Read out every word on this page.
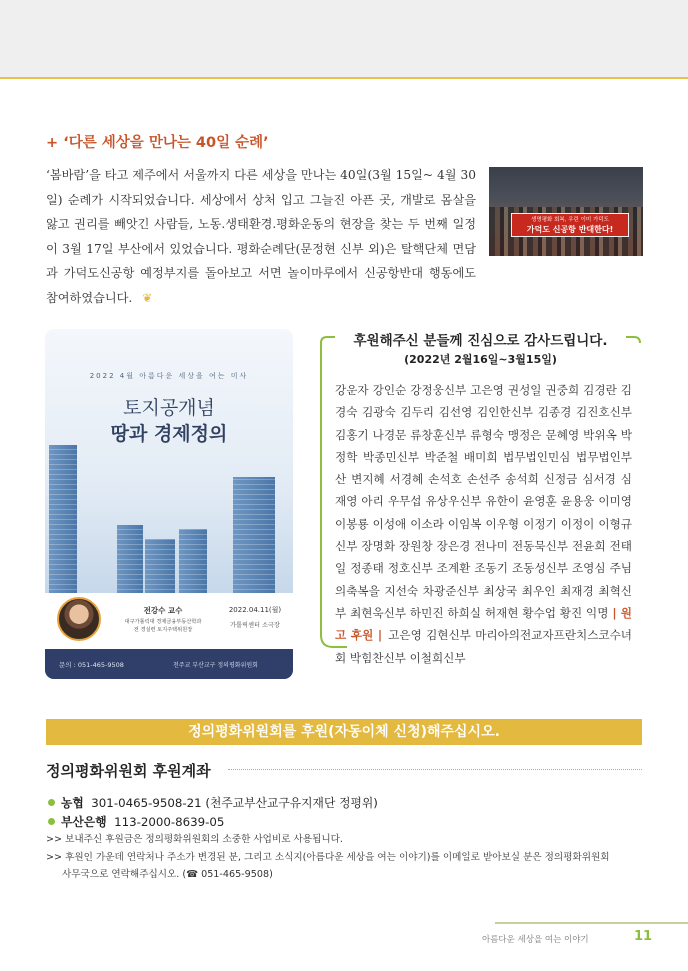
+ ‘다른 세상을 만나는 40일 순례’

‘봄바람’을 타고 제주에서 서울까지 다른 세상을 만나는 40일(3월 15일~ 4월 30일) 순례가 시작되었습니다. 세상에서 상처 입고 그늘진 아픈 곳, 개발로 몸살을 앓고 권리를 빼앗긴 사람들, 노동.생태환경.평화운동의 현장을 찾는 두 번째 일정이 3월 17일 부산에서 있었습니다. 평화순례단(문정현 신부 외)은 탈핵단체 면담과 가덕도신공항 예정부지를 돌아보고 서면 놀이마루에서 신공항반대 행동에도 참여하였습니다. ❦

생명평화 회복, 우린 이미 가덕도
가덕도 신공항 반대한다!
2022 4월 아름다운 세상을 여는 미사
토지공개념
땅과 경제정의
전강수 교수
대구가톨릭대 경제금융부동산학과
전 경실련 토지주택위원장
2022.04.11(월)
가톨릭센터 소극장
문의 : 051-465-9508	천주교 부산교구 정의평화위원회
후원해주신 분들께 진심으로 감사드립니다.
(2022년 2월16일~3월15일)

강운자 강인순 강정웅신부 고은영 권성일 권중희 김경란 김경숙 김광숙 김두리 김선영 김인한신부 김종경 김진호신부 김홍기 나경문 류창훈신부 류형숙 맹정은 문혜영 박위옥 박정학 박종민신부 박준철 배미희 법무법인민심 법무법인부산 변지혜 서경혜 손석호 손선주 송석희 신정금 심서경 심재영 아리 우무섭 유상우신부 유한이 윤영훈 윤용웅 이미영 이봉룡 이성애 이소라 이임복 이우형 이정기 이정이 이형규신부 장명화 장원창 장은경 전나미 전동묵신부 전윤희 전태일 정종태 정호신부 조계환 조동기 조동성신부 조영심 주님의축복을 지선숙 차광준신부 최상국 최우인 최재경 최혁신부 최현욱신부 하민진 하희실 허재현 황수업 황진 익명 | 원고 후원 | 고은영 김현신부 마리아의전교자프란치스코수녀회 박힘찬신부 이철희신부

정의평화위원회를 후원(자동이체 신청)해주십시오.
정의평화위원회 후원계좌
농협 301-0465-9508-21 (천주교부산교구유지재단 정평위)
부산은행 113-2000-8639-05
>> 보내주신 후원금은 정의평화위원회의 소중한 사업비로 사용됩니다.
>> 후원인 가운데 연락처나 주소가 변경된 분, 그리고 소식지(아름다운 세상을 여는 이야기)를 이메일로 받아보실 분은 정의평화위원회
사무국으로 연락해주십시오. (☎ 051-465-9508)
아름다운 세상을 여는 이야기	11
